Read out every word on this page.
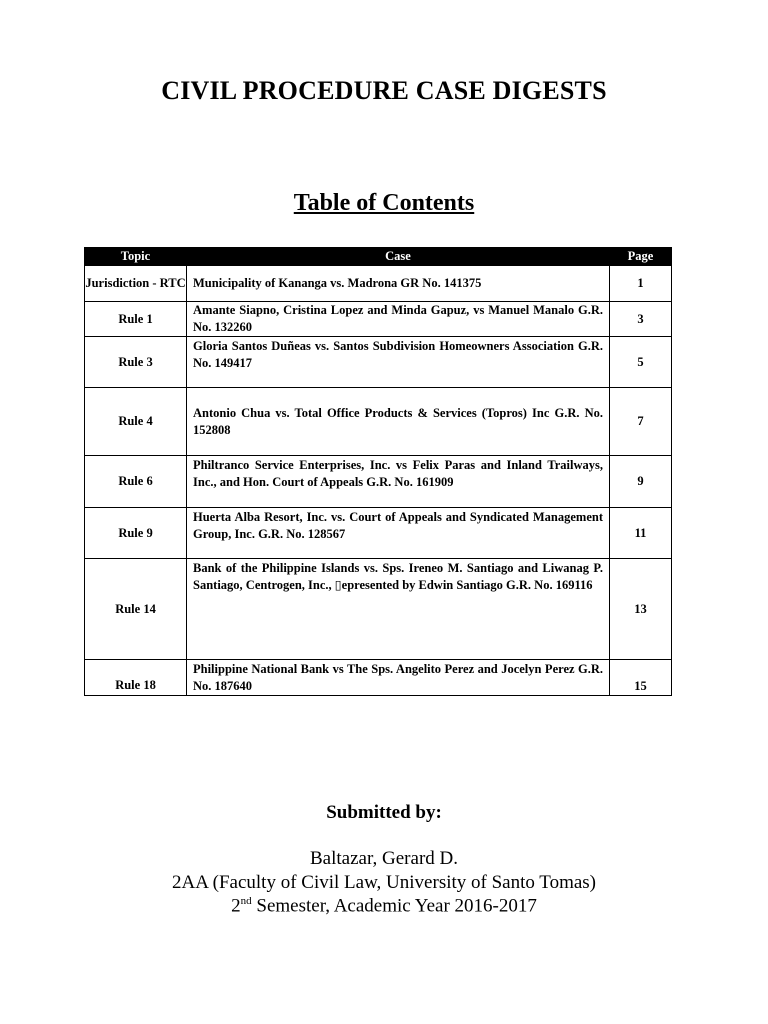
CIVIL PROCEDURE CASE DIGESTS
Table of Contents
Topic	Case	Page
Jurisdiction - RTC	Municipality of Kananga vs. Madrona GR No. 141375	1
Rule 1	Amante Siapno, Cristina Lopez and Minda Gapuz, vs Manuel Manalo G.R. No. 132260	3
Rule 3	Gloria Santos Duñeas vs. Santos Subdivision Homeowners Association G.R. No. 149417	5
Rule 4	Antonio Chua vs. Total Office Products & Services (Topros) Inc G.R. No. 152808	7
Rule 6	Philtranco Service Enterprises, Inc. vs Felix Paras and Inland Trailways, Inc., and Hon. Court of Appeals G.R. No. 161909	9
Rule 9	Huerta Alba Resort, Inc. vs. Court of Appeals and Syndicated Management Group, Inc. G.R. No. 128567	11
Rule 14	Bank of the Philippine Islands vs. Sps. Ireneo M. Santiago and Liwanag P. Santiago, Centrogen, Inc., ▯epresented by Edwin Santiago G.R. No. 169116	13
Rule 18	Philippine National Bank vs The Sps. Angelito Perez and Jocelyn Perez G.R. No. 187640	15
Submitted by:
Baltazar, Gerard D.
2AA (Faculty of Civil Law, University of Santo Tomas)
2nd Semester, Academic Year 2016-2017
